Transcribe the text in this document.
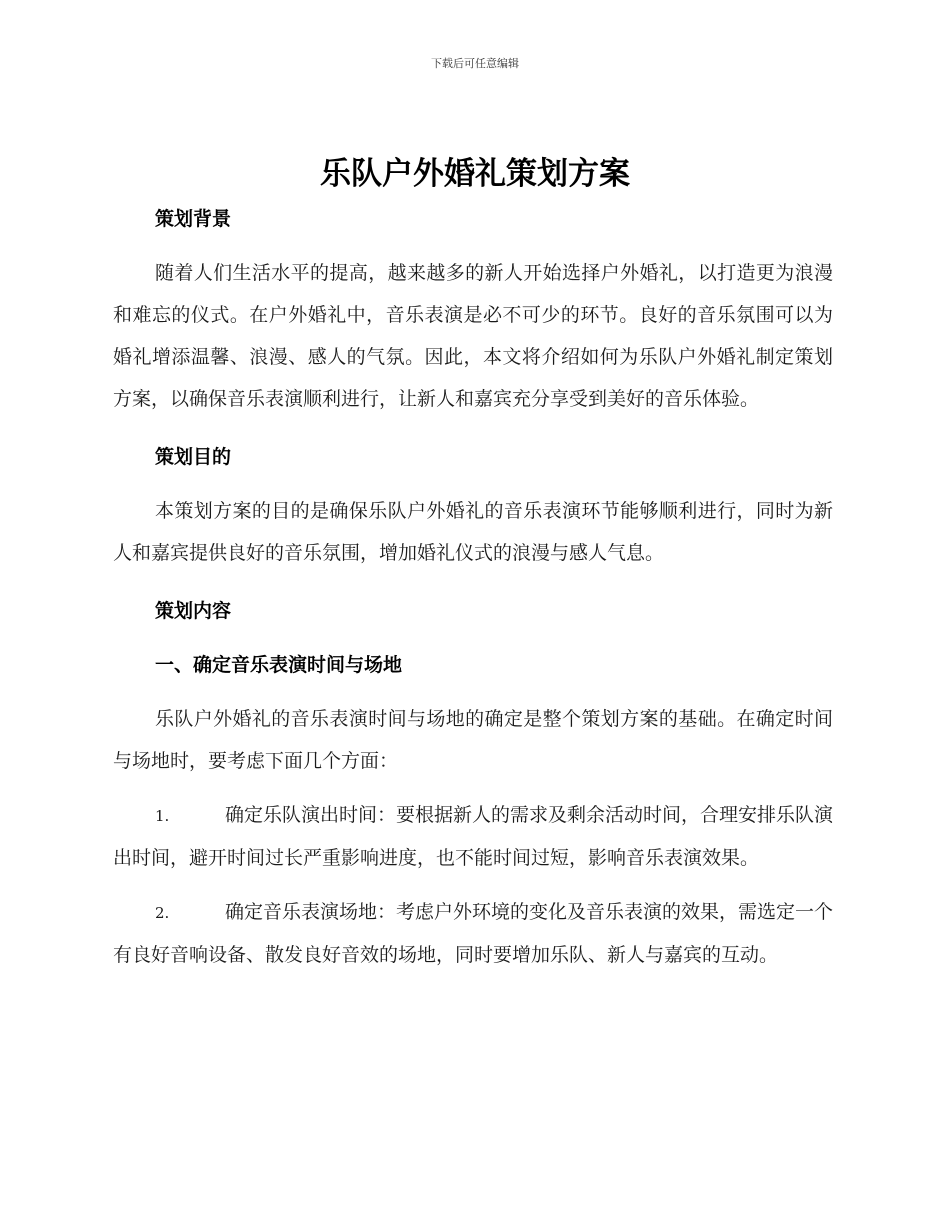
下载后可任意编辑
乐队户外婚礼策划方案

策划背景

随着人们生活水平的提高，越来越多的新人开始选择户外婚礼，以打造更为浪漫和难忘的仪式。在户外婚礼中，音乐表演是必不可少的环节。良好的音乐氛围可以为婚礼增添温馨、浪漫、感人的气氛。因此，本文将介绍如何为乐队户外婚礼制定策划方案，以确保音乐表演顺利进行，让新人和嘉宾充分享受到美好的音乐体验。

策划目的

本策划方案的目的是确保乐队户外婚礼的音乐表演环节能够顺利进行，同时为新人和嘉宾提供良好的音乐氛围，增加婚礼仪式的浪漫与感人气息。

策划内容

一、确定音乐表演时间与场地

乐队户外婚礼的音乐表演时间与场地的确定是整个策划方案的基础。在确定时间与场地时，要考虑下面几个方面：

1.	确定乐队演出时间：要根据新人的需求及剩余活动时间，合理安排乐队演出时间，避开时间过长严重影响进度，也不能时间过短，影响音乐表演效果。

2.	确定音乐表演场地：考虑户外环境的变化及音乐表演的效果，需选定一个有良好音响设备、散发良好音效的场地，同时要增加乐队、新人与嘉宾的互动。
